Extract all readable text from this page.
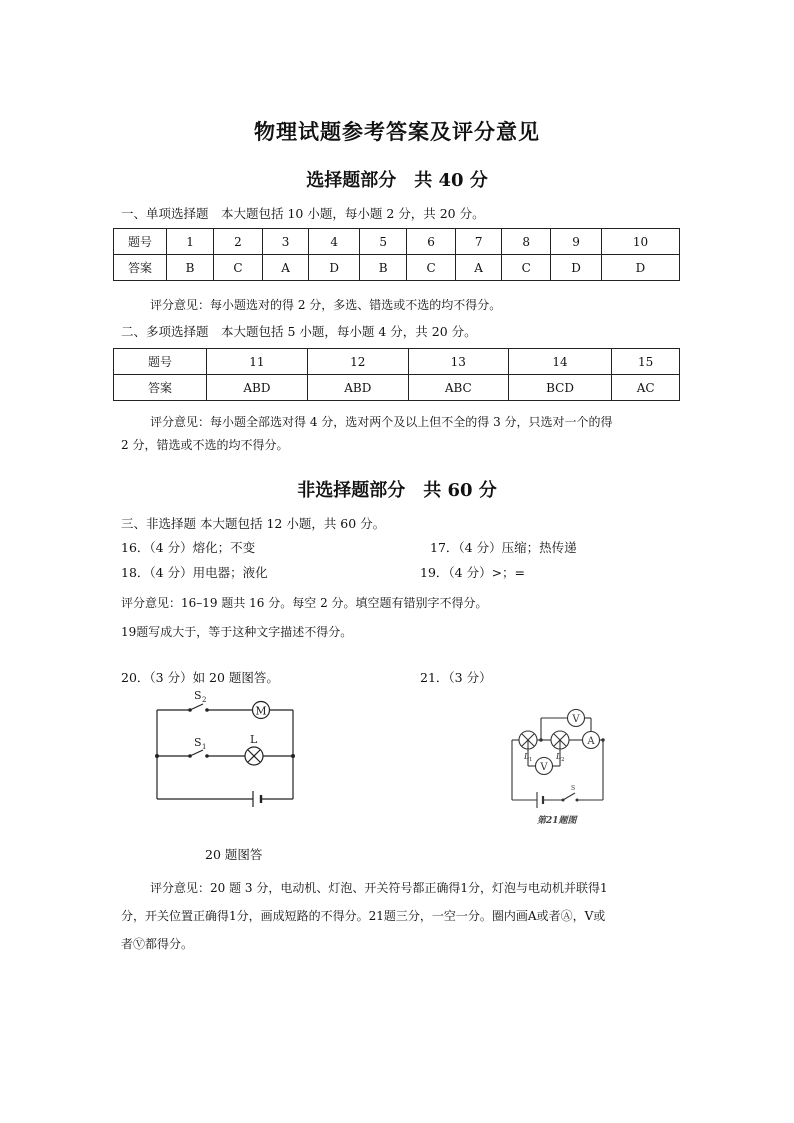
物理试题参考答案及评分意见
选择题部分　共 40 分
一、单项选择题　本大题包括 10 小题，每小题 2 分，共 20 分。
题号	1	2	3	4	5	6	7	8	9	10
答案	B	C	A	D	B	C	A	C	D	D
评分意见：每小题选对的得 2 分，多选、错选或不选的均不得分。
二、多项选择题　本大题包括 5 小题，每小题 4 分，共 20 分。
题号	11	12	13	14	15
答案	ABD	ABD	ABC	BCD	AC
评分意见：每小题全部选对得 4 分，选对两个及以上但不全的得 3 分，只选对一个的得
2 分，错选或不选的均不得分。
非选择题部分　共 60 分
三、非选择题 本大题包括 12 小题，共 60 分。
16．（4 分）熔化；不变	17．（4 分）压缩；热传递
18．（4 分）用电器；液化	19．（4 分）>；=
评分意见：16–19 题共 16 分。每空 2 分。填空题有错别字不得分。
19题写成大于，等于这种文字描述不得分。
20．（3 分）如 20 题图答。	21．（3 分）
M
S 2
S 1
L
20 题图答
V
A
V
L 1	L 2
S
第21题图
评分意见：20 题 3 分，电动机、灯泡、开关符号都正确得1分，灯泡与电动机并联得1
分，开关位置正确得1分，画成短路的不得分。21题三分，一空一分。圈内画A或者Ⓐ，V或
者Ⓥ都得分。
